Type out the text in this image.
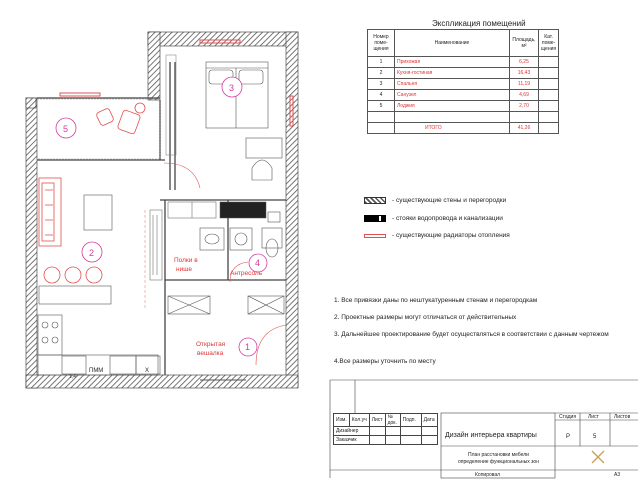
3
5
2
1,4
ПММ	Х
4
Полки в
нише
Антресоль
Открытая
вешалка
1
Экспликация помещений
Номер поме-щения	Наименование	Площадь, м²	Кат. поме-щения
1	Прихожая	6,25	
2	Кухня-гостиная	16,43	
3	Спальня	11,19	
4	Санузел	4,69	
5	Лоджия	2,70	

	ИТОГО	41,26	
- существующие стены и перегородки
- стояки водопровода и канализации
- существующие радиаторы отопления
1. Все привязки даны по нештукатуренным стенам и перегородкам
2. Проектные размеры могут отличаться от действительных
3. Дальнейшее проектирование будет осуществляться в соответствии с данным чертежом
4.Все размеры уточнить по месту
Изм.	Кол.уч	Лист	№ док.	Подп.	Дата
Дизайнер					
Заказчик					
Дизайн интерьера квартиры
Стадия Лист	Листов
Р	5
План расстановки мебели
определение функциональных зон
Копировал	А3
